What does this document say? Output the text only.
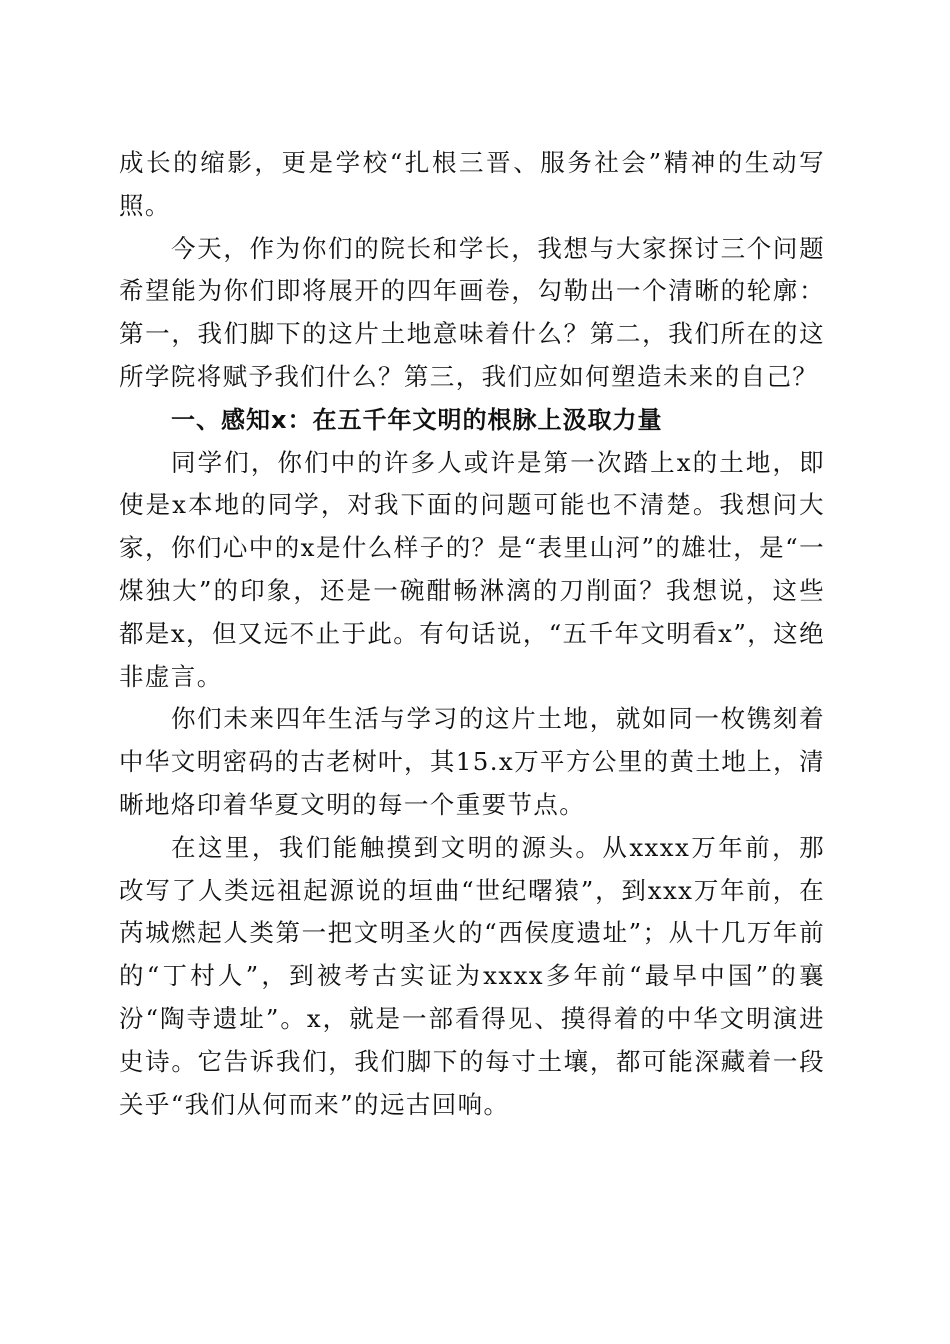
成长的缩影，更是学校“扎根三晋、服务社会”精神的生动写照。

今天，作为你们的院长和学长，我想与大家探讨三个问题希望能为你们即将展开的四年画卷，勾勒出一个清晰的轮廓：第一，我们脚下的这片土地意味着什么？第二，我们所在的这所学院将赋予我们什么？第三，我们应如何塑造未来的自己？

一、感知x：在五千年文明的根脉上汲取力量

同学们，你们中的许多人或许是第一次踏上x的土地，即使是x本地的同学，对我下面的问题可能也不清楚。我想问大家，你们心中的x是什么样子的？是“表里山河”的雄壮，是“一煤独大”的印象，还是一碗酣畅淋漓的刀削面？我想说，这些都是x，但又远不止于此。有句话说，“五千年文明看x”，这绝非虚言。

你们未来四年生活与学习的这片土地，就如同一枚镌刻着中华文明密码的古老树叶，其15.x万平方公里的黄土地上，清晰地烙印着华夏文明的每一个重要节点。

在这里，我们能触摸到文明的源头。从xxxx万年前，那改写了人类远祖起源说的垣曲“世纪曙猿”，到xxx万年前，在芮城燃起人类第一把文明圣火的“西侯度遗址”；从十几万年前的“丁村人”，到被考古实证为xxxx多年前“最早中国”的襄汾“陶寺遗址”。x，就是一部看得见、摸得着的中华文明演进史诗。它告诉我们，我们脚下的每寸土壤，都可能深藏着一段关乎“我们从何而来”的远古回响。
